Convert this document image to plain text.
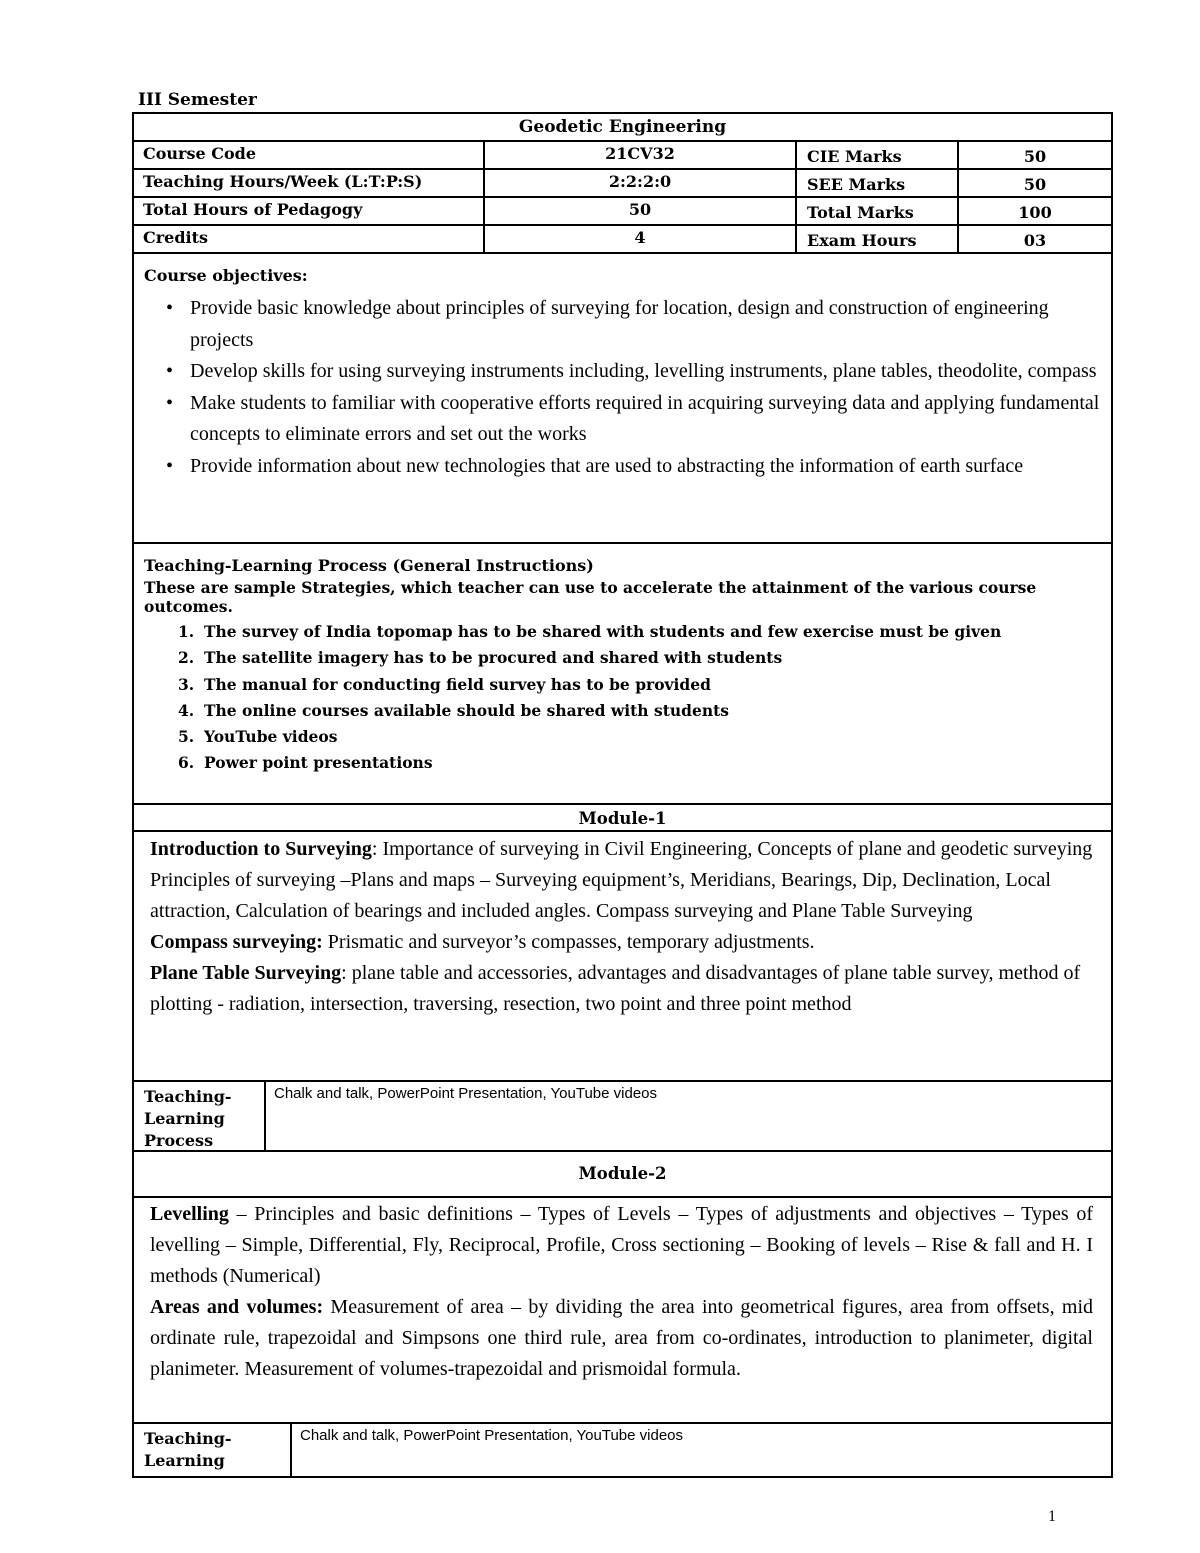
III Semester
Geodetic Engineering
Course Code	21CV32	CIE Marks	50
Teaching Hours/Week (L:T:P:S)	2:2:2:0	SEE Marks	50
Total Hours of Pedagogy	50	Total Marks	100
Credits	4	Exam Hours	03
Course objectives:
• Provide basic knowledge about principles of surveying for location, design and construction of engineering projects
• Develop skills for using surveying instruments including, levelling instruments, plane tables, theodolite, compass
• Make students to familiar with cooperative efforts required in acquiring surveying data and applying fundamental concepts to eliminate errors and set out the works
• Provide information about new technologies that are used to abstracting the information of earth surface
Teaching-Learning Process (General Instructions)
These are sample Strategies, which teacher can use to accelerate the attainment of the various course outcomes.
1. The survey of India topomap has to be shared with students and few exercise must be given
2. The satellite imagery has to be procured and shared with students
3. The manual for conducting field survey has to be provided
4. The online courses available should be shared with students
5. YouTube videos
6. Power point presentations
Module-1

Introduction to Surveying: Importance of surveying in Civil Engineering, Concepts of plane and geodetic surveying Principles of surveying –Plans and maps – Surveying equipment’s, Meridians, Bearings, Dip, Declination, Local attraction, Calculation of bearings and included angles. Compass surveying and Plane Table Surveying

Compass surveying: Prismatic and surveyor’s compasses, temporary adjustments.

Plane Table Surveying: plane table and accessories, advantages and disadvantages of plane table survey, method of plotting - radiation, intersection, traversing, resection, two point and three point method

Teaching-Learning Process
Chalk and talk, PowerPoint Presentation, YouTube videos
Module-2

Levelling – Principles and basic definitions – Types of Levels – Types of adjustments and objectives – Types of levelling – Simple, Differential, Fly, Reciprocal, Profile, Cross sectioning – Booking of levels – Rise & fall and H. I methods (Numerical)

Areas and volumes: Measurement of area – by dividing the area into geometrical figures, area from offsets, mid ordinate rule, trapezoidal and Simpsons one third rule, area from co-ordinates, introduction to planimeter, digital planimeter. Measurement of volumes-trapezoidal and prismoidal formula.

Teaching-Learning
Chalk and talk, PowerPoint Presentation, YouTube videos
1
